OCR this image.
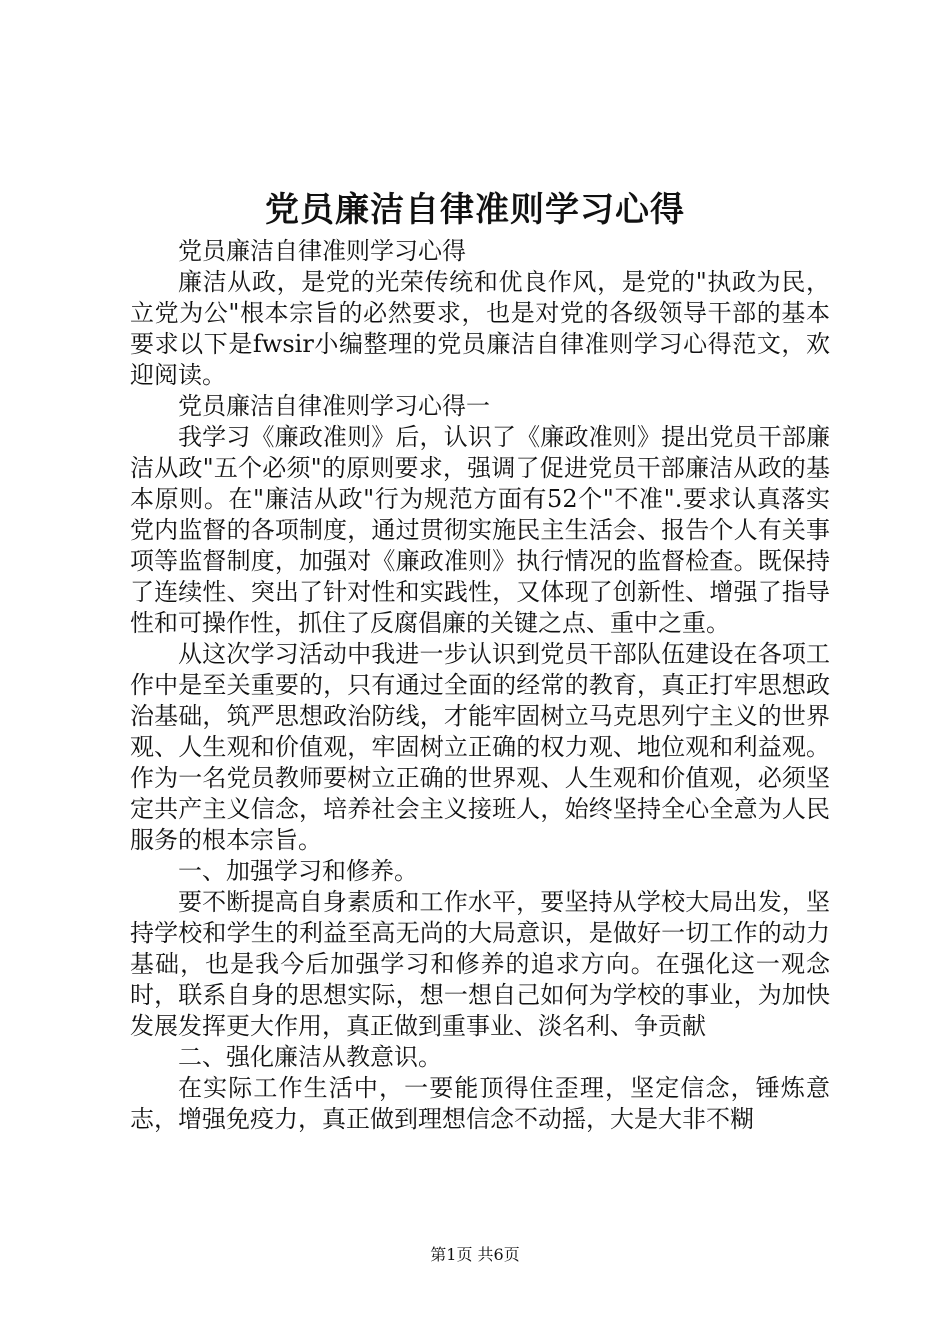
党员廉洁自律准则学习心得

党员廉洁自律准则学习心得

廉洁从政，是党的光荣传统和优良作风，是党的"执政为民，立党为公"根本宗旨的必然要求，也是对党的各级领导干部的基本要求以下是fwsir小编整理的党员廉洁自律准则学习心得范文，欢迎阅读。

党员廉洁自律准则学习心得一

我学习《廉政准则》后，认识了《廉政准则》提出党员干部廉洁从政"五个必须"的原则要求，强调了促进党员干部廉洁从政的基本原则。在"廉洁从政"行为规范方面有52个"不准".要求认真落实党内监督的各项制度，通过贯彻实施民主生活会、报告个人有关事项等监督制度，加强对《廉政准则》执行情况的监督检查。既保持了连续性、突出了针对性和实践性，又体现了创新性、增强了指导性和可操作性，抓住了反腐倡廉的关键之点、重中之重。

从这次学习活动中我进一步认识到党员干部队伍建设在各项工作中是至关重要的，只有通过全面的经常的教育，真正打牢思想政治基础，筑严思想政治防线，才能牢固树立马克思列宁主义的世界观、人生观和价值观，牢固树立正确的权力观、地位观和利益观。作为一名党员教师要树立正确的世界观、人生观和价值观，必须坚定共产主义信念，培养社会主义接班人，始终坚持全心全意为人民服务的根本宗旨。

一、加强学习和修养。

要不断提高自身素质和工作水平，要坚持从学校大局出发，坚持学校和学生的利益至高无尚的大局意识，是做好一切工作的动力基础，也是我今后加强学习和修养的追求方向。在强化这一观念时，联系自身的思想实际，想一想自己如何为学校的事业，为加快发展发挥更大作用，真正做到重事业、淡名利、争贡献

二、强化廉洁从教意识。

在实际工作生活中，一要能顶得住歪理，坚定信念，锤炼意志，增强免疫力，真正做到理想信念不动摇，大是大非不糊

第1页 共6页
